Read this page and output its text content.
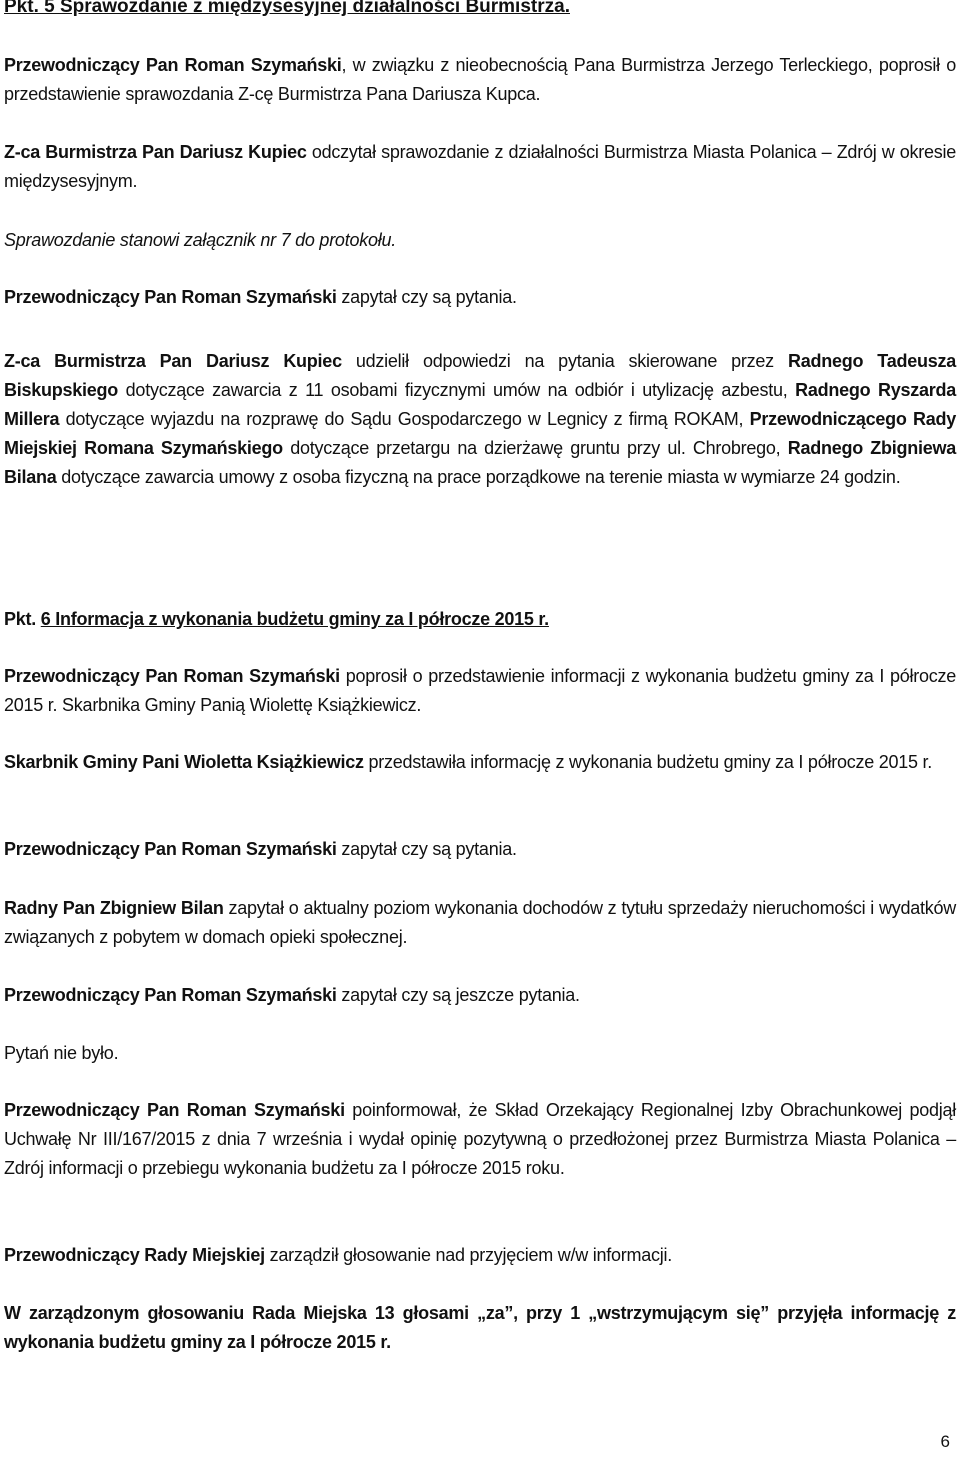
Pkt. 5 Sprawozdanie z międzysesyjnej działalności Burmistrza.

Przewodniczący Pan Roman Szymański, w związku z nieobecnością Pana Burmistrza Jerzego Terleckiego, poprosił o przedstawienie sprawozdania Z-cę Burmistrza Pana Dariusza Kupca.

Z-ca Burmistrza Pan Dariusz Kupiec odczytał sprawozdanie z działalności Burmistrza Miasta Polanica – Zdrój w okresie międzysesyjnym.

Sprawozdanie stanowi załącznik nr 7 do protokołu.

Przewodniczący Pan Roman Szymański zapytał czy są pytania.

Z-ca Burmistrza Pan Dariusz Kupiec udzielił odpowiedzi na pytania skierowane przez Radnego Tadeusza Biskupskiego dotyczące zawarcia z 11 osobami fizycznymi umów na odbiór i utylizację azbestu, Radnego Ryszarda Millera dotyczące wyjazdu na rozprawę do Sądu Gospodarczego w Legnicy z firmą ROKAM, Przewodniczącego Rady Miejskiej Romana Szymańskiego dotyczące przetargu na dzierżawę gruntu przy ul. Chrobrego, Radnego Zbigniewa Bilana dotyczące zawarcia umowy z osoba fizyczną na prace porządkowe na terenie miasta w wymiarze 24 godzin.

Pkt. 6 Informacja z wykonania budżetu gminy za I półrocze 2015 r.

Przewodniczący Pan Roman Szymański poprosił o przedstawienie informacji z wykonania budżetu gminy za I półrocze 2015 r. Skarbnika Gminy Panią Wiolettę Książkiewicz.

Skarbnik Gminy Pani Wioletta Książkiewicz przedstawiła informację z wykonania budżetu gminy za I półrocze 2015 r.

Przewodniczący Pan Roman Szymański zapytał czy są pytania.

Radny Pan Zbigniew Bilan zapytał o aktualny poziom wykonania dochodów z tytułu sprzedaży nieruchomości i wydatków związanych z pobytem w domach opieki społecznej.

Przewodniczący Pan Roman Szymański zapytał czy są jeszcze pytania.

Pytań nie było.

Przewodniczący Pan Roman Szymański poinformował, że Skład Orzekający Regionalnej Izby Obrachunkowej podjął Uchwałę Nr III/167/2015 z dnia 7 września i wydał opinię pozytywną o przedłożonej przez Burmistrza Miasta Polanica – Zdrój informacji o przebiegu wykonania budżetu za I półrocze 2015 roku.

Przewodniczący Rady Miejskiej zarządził głosowanie nad przyjęciem w/w informacji.

W zarządzonym głosowaniu Rada Miejska 13 głosami „za”, przy 1 „wstrzymującym się” przyjęła informację z wykonania budżetu gminy za I półrocze 2015 r.

6
